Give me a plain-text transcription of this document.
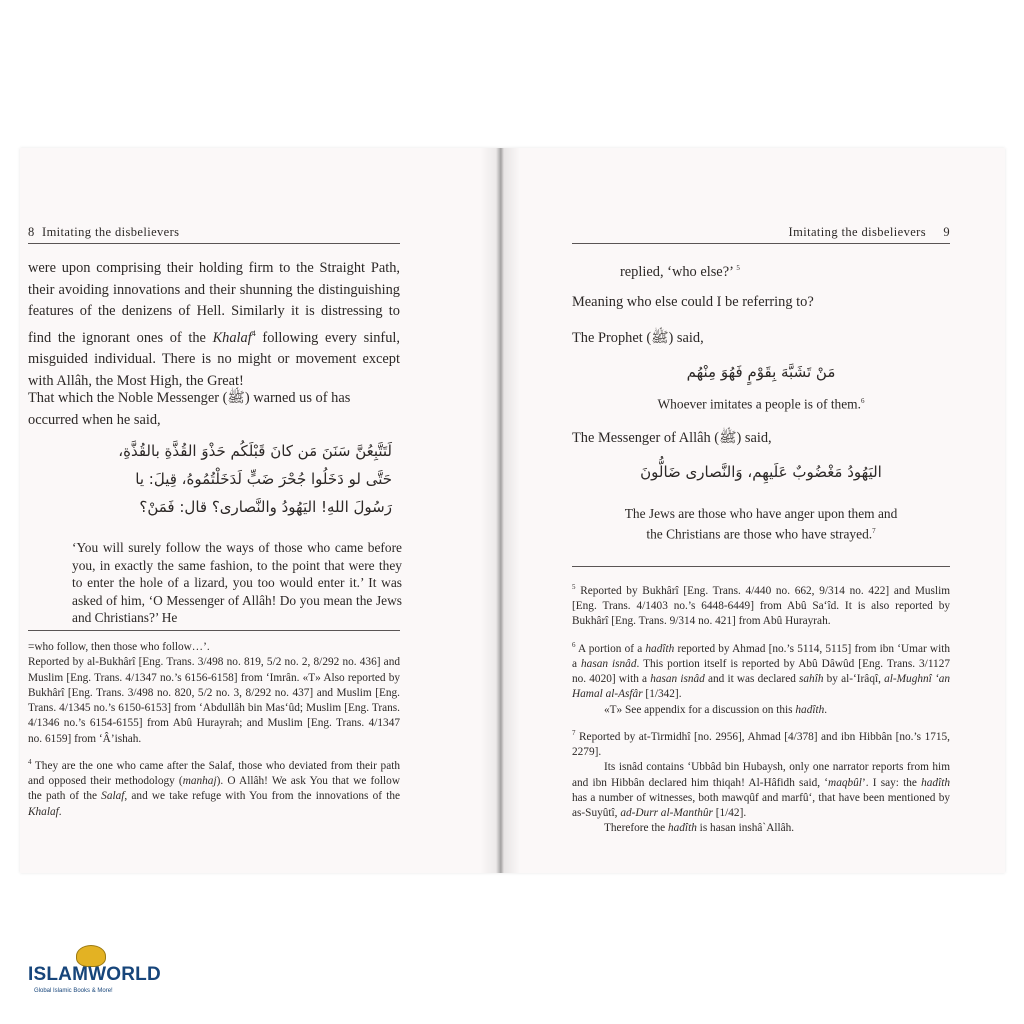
8 Imitating the disbelievers

were upon comprising their holding firm to the Straight Path, their avoiding innovations and their shunning the distinguishing features of the denizens of Hell. Similarly it is distressing to find the ignorant ones of the Khalaf$^4$ following every sinful, misguided individual. There is no might or movement except with Allâh, the Most High, the Great!

That which the Noble Messenger (ﷺ) warned us of has occurred when he said,

لَتَتَّبِعُنَّ سَنَنَ مَن كانَ قَبْلَكُم حَذْوَ القُذَّةِ بالقُذَّةِ،
حَتَّى لو دَخَلُوا جُحْرَ ضَبٍّ لَدَخَلْتُمُوهُ، قِيلَ: يا
رَسُولَ اللهِ! اليَهُودُ والنَّصارى؟ قال: فَمَنْ؟

‘You will surely follow the ways of those who came before you, in exactly the same fashion, to the point that were they to enter the hole of a lizard, you too would enter it.’ It was asked of him, ‘O Messenger of Allâh! Do you mean the Jews and Christians?’ He

=who follow, then those who follow…’.

Reported by al-Bukhârî [Eng. Trans. 3/498 no. 819, 5/2 no. 2, 8/292 no. 436] and Muslim [Eng. Trans. 4/1347 no.’s 6156-6158] from ‘Imrân. «T» Also reported by Bukhârî [Eng. Trans. 3/498 no. 820, 5/2 no. 3, 8/292 no. 437] and Muslim [Eng. Trans. 4/1345 no.’s 6150-6153] from ‘Abdullâh bin Mas‘ûd; Muslim [Eng. Trans. 4/1346 no.’s 6154-6155] from Abû Hurayrah; and Muslim [Eng. Trans. 4/1347 no. 6159] from ‘Â’ishah.

$^4$ They are the one who came after the Salaf, those who deviated from their path and opposed their methodology (manhaj). O Allâh! We ask You that we follow the path of the Salaf, and we take refuge with You from the innovations of the Khalaf.

Imitating the disbelievers 9

replied, ‘who else?’ $^5$

Meaning who else could I be referring to?

The Prophet (ﷺ) said,

مَنْ تَشَبَّهَ بِقَوْمٍ فَهُوَ مِنْهُم

Whoever imitates a people is of them.$^6$

The Messenger of Allâh (ﷺ) said,

اليَهُودُ مَغْضُوبٌ عَلَيهِم، وَالنَّصارى ضَالُّونَ

The Jews are those who have anger upon them and
the Christians are those who have strayed.$^7$

$^5$ Reported by Bukhârî [Eng. Trans. 4/440 no. 662, 9/314 no. 422] and Muslim [Eng. Trans. 4/1403 no.’s 6448-6449] from Abû Sa‘îd. It is also reported by Bukhârî [Eng. Trans. 9/314 no. 421] from Abû Hurayrah.

$^6$ A portion of a hadîth reported by Ahmad [no.’s 5114, 5115] from ibn ‘Umar with a hasan isnâd. This portion itself is reported by Abû Dâwûd [Eng. Trans. 3/1127 no. 4020] with a hasan isnâd and it was declared sahîh by al-‘Irâqî, al-Mughnî ‘an Hamal al-Asfâr [1/342].

«T» See appendix for a discussion on this hadîth.

$^7$ Reported by at-Tirmidhî [no. 2956], Ahmad [4/378] and ibn Hibbân [no.’s 1715, 2279].

Its isnâd contains ‘Ubbâd bin Hubaysh, only one narrator reports from him and ibn Hibbân declared him thiqah! Al-Hâfidh said, ‘maqbûl’. I say: the hadîth has a number of witnesses, both mawqûf and marfû‘, that have been mentioned by as-Suyûtî, ad-Durr al-Manthûr [1/42].

Therefore the hadîth is hasan inshâ`Allâh.

ISLAMWORLD
Global Islamic Books & More!
